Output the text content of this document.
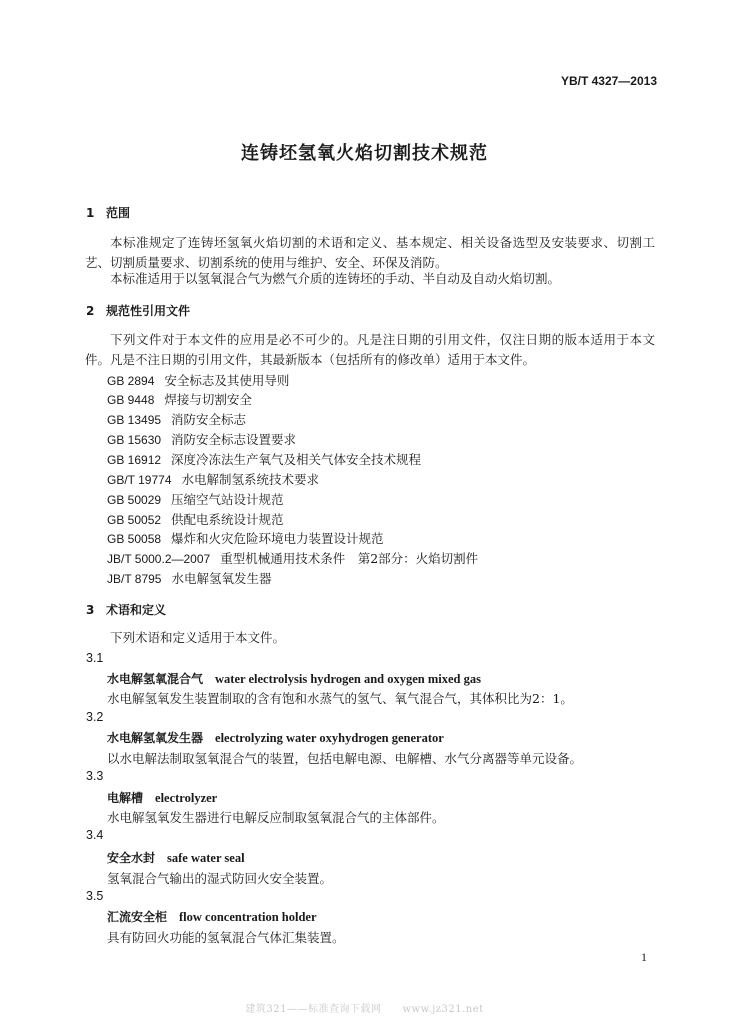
YB/T 4327—2013
连铸坯氢氧火焰切割技术规范
1 范围

本标准规定了连铸坯氢氧火焰切割的术语和定义、基本规定、相关设备选型及安装要求、切割工艺、切割质量要求、切割系统的使用与维护、安全、环保及消防。

本标准适用于以氢氧混合气为燃气介质的连铸坯的手动、半自动及自动火焰切割。
2 规范性引用文件

下列文件对于本文件的应用是必不可少的。凡是注日期的引用文件，仅注日期的版本适用于本文件。凡是不注日期的引用文件，其最新版本（包括所有的修改单）适用于本文件。

GB 2894 安全标志及其使用导则
GB 9448 焊接与切割安全
GB 13495 消防安全标志
GB 15630 消防安全标志设置要求
GB 16912 深度冷冻法生产氧气及相关气体安全技术规程
GB/T 19774 水电解制氢系统技术要求
GB 50029 压缩空气站设计规范
GB 50052 供配电系统设计规范
GB 50058 爆炸和火灾危险环境电力装置设计规范
JB/T 5000.2—2007 重型机械通用技术条件　第2部分：火焰切割件
JB/T 8795 水电解氢氧发生器
3 术语和定义
下列术语和定义适用于本文件。
3.1
水电解氢氧混合气 water electrolysis hydrogen and oxygen mixed gas
水电解氢氧发生装置制取的含有饱和水蒸气的氢气、氧气混合气，其体积比为2：1。
3.2
水电解氢氧发生器 electrolyzing water oxyhydrogen generator
以水电解法制取氢氧混合气的装置，包括电解电源、电解槽、水气分离器等单元设备。
3.3
电解槽 electrolyzer
水电解氢氧发生器进行电解反应制取氢氧混合气的主体部件。
3.4
安全水封 safe water seal
氢氧混合气输出的湿式防回火安全装置。
3.5
汇流安全柜 flow concentration holder
具有防回火功能的氢氧混合气体汇集装置。
1
建筑321——标准查询下载网　　www.jz321.net
